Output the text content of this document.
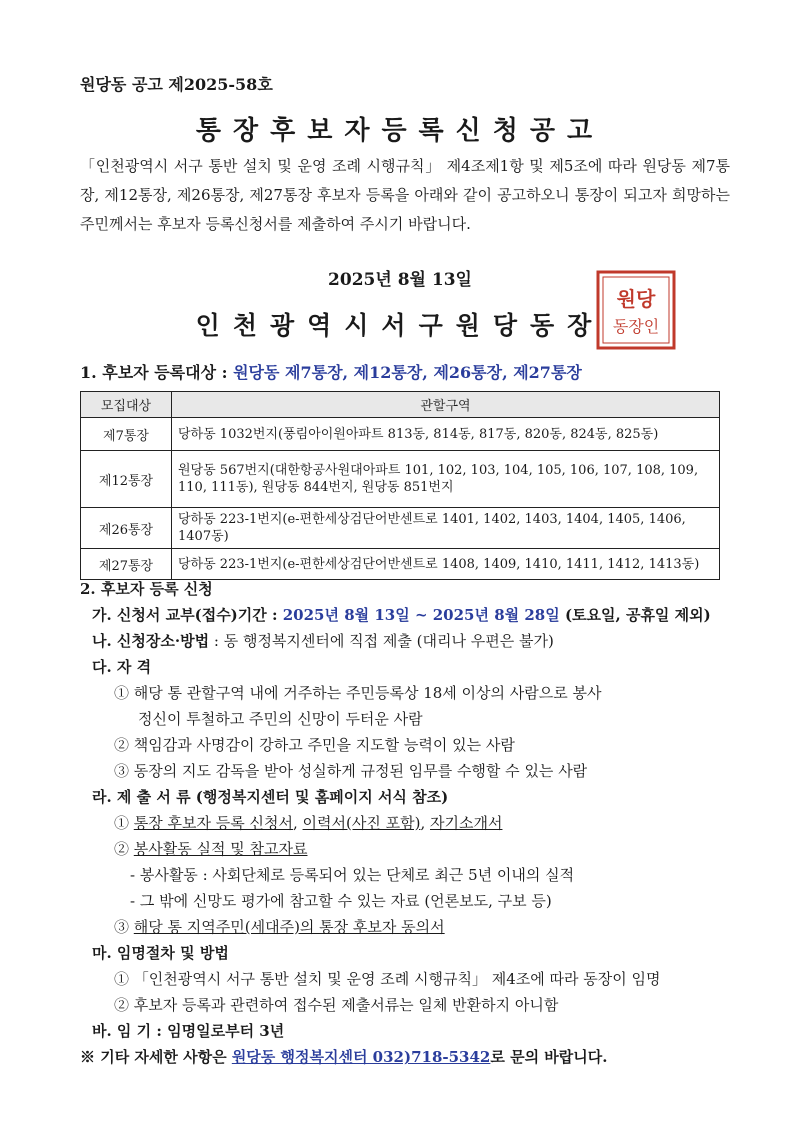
원당동 공고 제2025-58호
통장후보자등록신청공고

「인천광역시 서구 통반 설치 및 운영 조례 시행규칙」 제4조제1항 및 제5조에 따라 원당동 제7통장, 제12통장, 제26통장, 제27통장 후보자 등록을 아래와 같이 공고하오니 통장이 되고자 희망하는 주민께서는 후보자 등록신청서를 제출하여 주시기 바랍니다.

2025년 8월 13일
인천광역시서구원당동장
원당
동장인
1. 후보자 등록대상 : 원당동 제7통장, 제12통장, 제26통장, 제27통장
모집대상	관할구역
제7통장	당하동 1032번지(풍림아이원아파트 813동, 814동, 817동, 820동, 824동, 825동)
제12통장	원당동 567번지(대한항공사원대아파트 101, 102, 103, 104, 105, 106, 107, 108, 109, 110, 111동), 원당동 844번지, 원당동 851번지
제26통장	당하동 223-1번지(e-편한세상검단어반센트로 1401, 1402, 1403, 1404, 1405, 1406, 1407동)
제27통장	당하동 223-1번지(e-편한세상검단어반센트로 1408, 1409, 1410, 1411, 1412, 1413동)
2. 후보자 등록 신청
가. 신청서 교부(접수)기간 : 2025년 8월 13일 ~ 2025년 8월 28일 (토요일, 공휴일 제외)
나. 신청장소·방법 : 동 행정복지센터에 직접 제출 (대리나 우편은 불가)
다. 자 격
① 해당 통 관할구역 내에 거주하는 주민등록상 18세 이상의 사람으로 봉사
정신이 투철하고 주민의 신망이 두터운 사람
② 책임감과 사명감이 강하고 주민을 지도할 능력이 있는 사람
③ 동장의 지도 감독을 받아 성실하게 규정된 임무를 수행할 수 있는 사람
라. 제 출 서 류 (행정복지센터 및 홈페이지 서식 참조)
① 통장 후보자 등록 신청서, 이력서(사진 포함), 자기소개서
② 봉사활동 실적 및 참고자료
- 봉사활동 : 사회단체로 등록되어 있는 단체로 최근 5년 이내의 실적
- 그 밖에 신망도 평가에 참고할 수 있는 자료 (언론보도, 구보 등)
③ 해당 통 지역주민(세대주)의 통장 후보자 동의서
마. 임명절차 및 방법
① 「인천광역시 서구 통반 설치 및 운영 조례 시행규칙」 제4조에 따라 동장이 임명
② 후보자 등록과 관련하여 접수된 제출서류는 일체 반환하지 아니함
바. 임 기 : 임명일로부터 3년
※ 기타 자세한 사항은 원당동 행정복지센터 032)718-5342로 문의 바랍니다.
